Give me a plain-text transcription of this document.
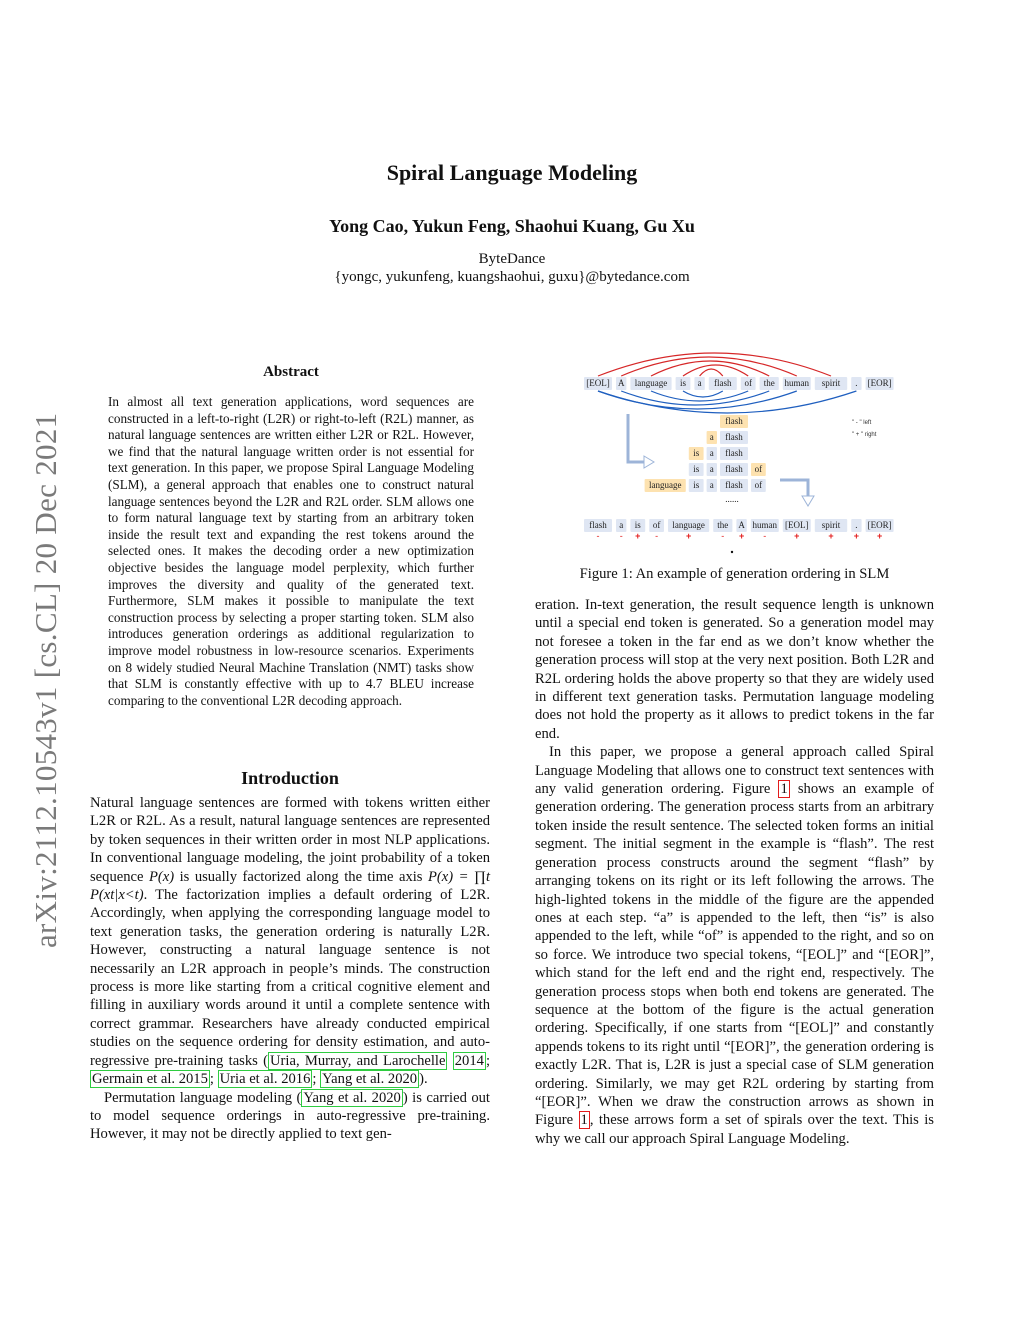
arXiv:2112.10543v1 [cs.CL] 20 Dec 2021
Spiral Language Modeling
Yong Cao, Yukun Feng, Shaohui Kuang, Gu Xu
ByteDance
{yongc, yukunfeng, kuangshaohui, guxu}@bytedance.com
Abstract
In almost all text generation applications, word sequences are constructed in a left-to-right (L2R) or right-to-left (R2L) manner, as natural language sentences are written either L2R or R2L. However, we find that the natural language written order is not essential for text generation. In this paper, we propose Spiral Language Modeling (SLM), a general approach that enables one to construct natural language sentences beyond the L2R and R2L order. SLM allows one to form natural language text by starting from an arbitrary token inside the result text and expanding the rest tokens around the selected ones. It makes the decoding order a new optimization objective besides the language model perplexity, which further improves the diversity and quality of the generated text. Furthermore, SLM makes it possible to manipulate the text construction process by selecting a proper starting token. SLM also introduces generation orderings as additional regularization to improve model robustness in low-resource scenarios. Experiments on 8 widely studied Neural Machine Translation (NMT) tasks show that SLM is constantly effective with up to 4.7 BLEU increase comparing to the conventional L2R decoding approach.
Introduction

Natural language sentences are formed with tokens written either L2R or R2L. As a result, natural language sentences are represented by token sequences in their written order in most NLP applications. In conventional language modeling, the joint probability of a token sequence P(x) is usually factorized along the time axis P(x) = ∏t P(xt|x<t). The factorization implies a default ordering of L2R. Accordingly, when applying the corresponding language model to text generation tasks, the generation ordering is naturally L2R. However, constructing a natural language sentence is not necessarily an L2R approach in people’s minds. The construction process is more like starting from a critical cognitive element and filling in auxiliary words around it until a complete sentence with correct grammar. Researchers have already conducted empirical studies on the sequence ordering for density estimation, and auto-regressive pre-training tasks ( Uria, Murray, and Larochelle 2014 ; Germain et al. 2015 ; Uria et al. 2016 ; Yang et al. 2020 ).

Permutation language modeling ( Yang et al. 2020 ) is carried out to model sequence orderings in auto-regressive pre-training. However, it may not be directly applied to text gen-

[EOL] A language is a flash of the human spirit . [EOR]
flash
a flash
is a flash
is a flash of
language is a flash of
......
" - " left
" + " right
flash
-
a
-
is
+
of
-
language
+
the
-
A
+
human
-
[EOL]
+
spirit
+
.
+
[EOR]
+
Figure 1: An example of generation ordering in SLM

eration. In-text generation, the result sequence length is unknown until a special end token is generated. So a generation model may not foresee a token in the far end as we don’t know whether the generation process will stop at the very next position. Both L2R and R2L ordering holds the above property so that they are widely used in different text generation tasks. Permutation language modeling does not hold the property as it allows to predict tokens in the far end.

In this paper, we propose a general approach called Spiral Language Modeling that allows one to construct text sentences with any valid generation ordering. Figure 1 shows an example of generation ordering. The generation process starts from an arbitrary token inside the result sentence. The selected token forms an initial segment. The initial segment in the example is “flash”. The rest generation process constructs around the segment “flash” by arranging tokens on its right or its left following the arrows. The high-lighted tokens in the middle of the figure are the appended ones at each step. “a” is appended to the left, then “is” is also appended to the left, while “of” is appended to the right, and so on so force. We introduce two special tokens, “[EOL]” and “[EOR]”, which stand for the left end and the right end, respectively. The generation process stops when both end tokens are generated. The sequence at the bottom of the figure is the actual generation ordering. Specifically, if one starts from “[EOL]” and constantly appends tokens to its right until “[EOR]”, the generation ordering is exactly L2R. That is, L2R is just a special case of SLM generation ordering. Similarly, we may get R2L ordering by starting from “[EOR]”. When we draw the construction arrows as shown in Figure 1 , these arrows form a set of spirals over the text. This is why we call our approach Spiral Language Modeling.
